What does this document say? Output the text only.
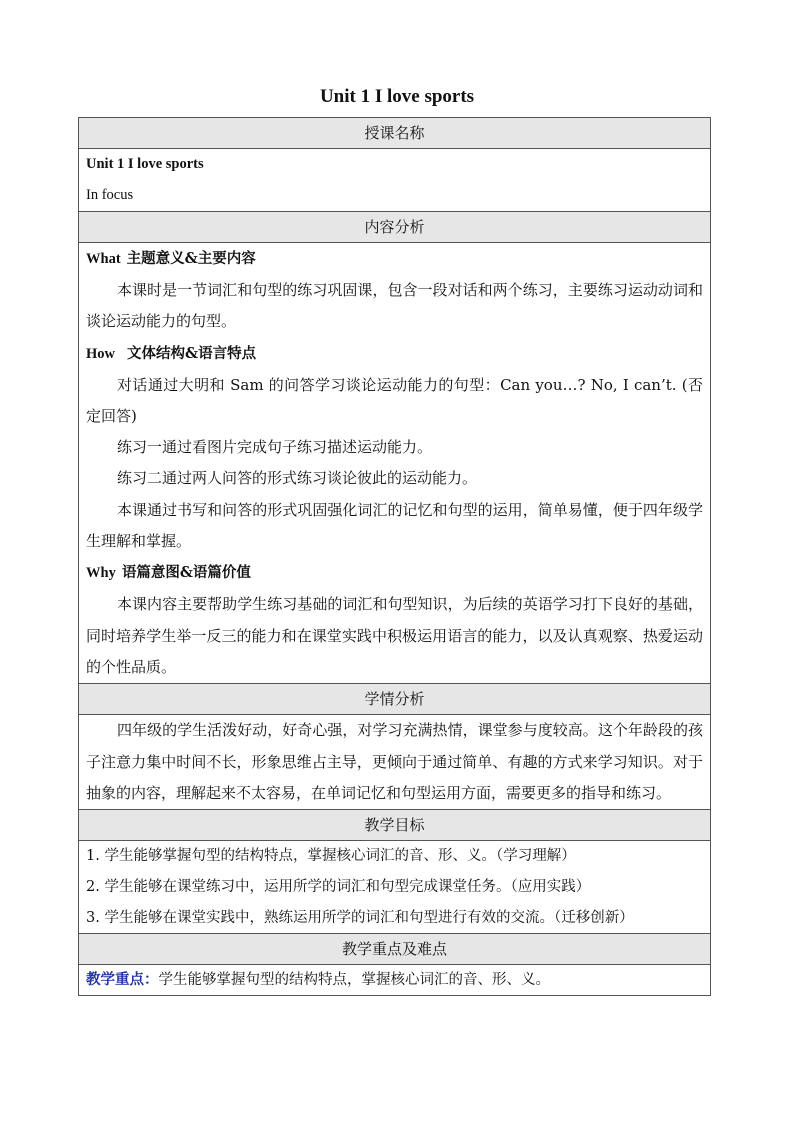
Unit 1 I love sports
授课名称

Unit 1 I love sports
In focus

内容分析

What 主题意义&主要内容
本课时是一节词汇和句型的练习巩固课，包含一段对话和两个练习，主要练习运动动词和谈论运动能力的句型。
How 文体结构&语言特点
对话通过大明和 Sam 的问答学习谈论运动能力的句型：Can you…? No, I can’t. (否定回答)
练习一通过看图片完成句子练习描述运动能力。
练习二通过两人问答的形式练习谈论彼此的运动能力。
本课通过书写和问答的形式巩固强化词汇的记忆和句型的运用，简单易懂，便于四年级学生理解和掌握。
Why 语篇意图&语篇价值
本课内容主要帮助学生练习基础的词汇和句型知识，为后续的英语学习打下良好的基础，同时培养学生举一反三的能力和在课堂实践中积极运用语言的能力，以及认真观察、热爱运动的个性品质。

学情分析

四年级的学生活泼好动，好奇心强，对学习充满热情，课堂参与度较高。这个年龄段的孩子注意力集中时间不长，形象思维占主导，更倾向于通过简单、有趣的方式来学习知识。对于抽象的内容，理解起来不太容易，在单词记忆和句型运用方面，需要更多的指导和练习。

教学目标

1. 学生能够掌握句型的结构特点，掌握核心词汇的音、形、义。（学习理解）
2. 学生能够在课堂练习中，运用所学的词汇和句型完成课堂任务。（应用实践）
3. 学生能够在课堂实践中，熟练运用所学的词汇和句型进行有效的交流。（迁移创新）

教学重点及难点

教学重点：学生能够掌握句型的结构特点，掌握核心词汇的音、形、义。
